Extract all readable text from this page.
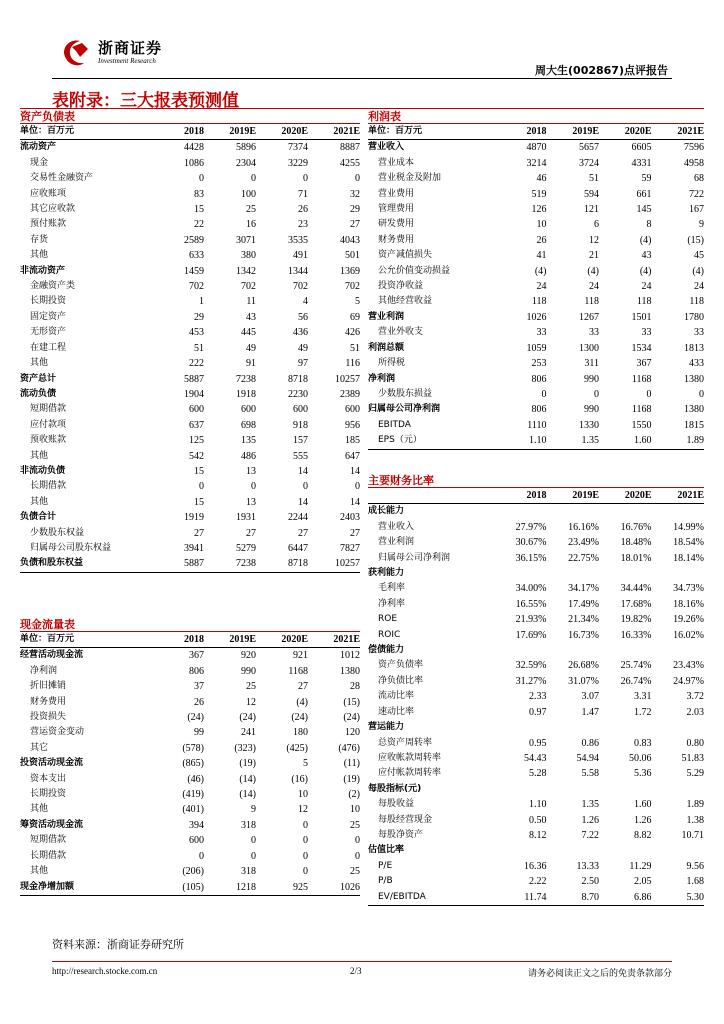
浙商证券
Investment Research
周大生(002867)点评报告
表附录：三大报表预测值
资产负债表
单位：百万元	2018	2019E	2020E	2021E
流动资产	4428	5896	7374	8887
现金	1086	2304	3229	4255
交易性金融资产	0	0	0	0
应收账项	83	100	71	32
其它应收款	15	25	26	29
预付账款	22	16	23	27
存货	2589	3071	3535	4043
其他	633	380	491	501
非流动资产	1459	1342	1344	1369
金融资产类	702	702	702	702
长期投资	1	11	4	5
固定资产	29	43	56	69
无形资产	453	445	436	426
在建工程	51	49	49	51
其他	222	91	97	116
资产总计	5887	7238	8718	10257
流动负债	1904	1918	2230	2389
短期借款	600	600	600	600
应付款项	637	698	918	956
预收账款	125	135	157	185
其他	542	486	555	647
非流动负债	15	13	14	14
长期借款	0	0	0	0
其他	15	13	14	14
负债合计	1919	1931	2244	2403
少数股东权益	27	27	27	27
归属母公司股东权益	3941	5279	6447	7827
负债和股东权益	5887	7238	8718	10257
利润表
单位：百万元	2018	2019E	2020E	2021E
营业收入	4870	5657	6605	7596
营业成本	3214	3724	4331	4958
营业税金及附加	46	51	59	68
营业费用	519	594	661	722
管理费用	126	121	145	167
研发费用	10	6	8	9
财务费用	26	12	(4)	(15)
资产减值损失	41	21	43	45
公允价值变动损益	(4)	(4)	(4)	(4)
投资净收益	24	24	24	24
其他经营收益	118	118	118	118
营业利润	1026	1267	1501	1780
营业外收支	33	33	33	33
利润总额	1059	1300	1534	1813
所得税	253	311	367	433
净利润	806	990	1168	1380
少数股东损益	0	0	0	0
归属母公司净利润	806	990	1168	1380
EBITDA	1110	1330	1550	1815
EPS（元）	1.10	1.35	1.60	1.89
主要财务比率
	2018	2019E	2020E	2021E
成长能力				
营业收入	27.97%	16.16%	16.76%	14.99%
营业利润	30.67%	23.49%	18.48%	18.54%
归属母公司净利润	36.15%	22.75%	18.01%	18.14%
获利能力				
毛利率	34.00%	34.17%	34.44%	34.73%
净利率	16.55%	17.49%	17.68%	18.16%
ROE	21.93%	21.34%	19.82%	19.26%
ROIC	17.69%	16.73%	16.33%	16.02%
偿债能力				
资产负债率	32.59%	26.68%	25.74%	23.43%
净负债比率	31.27%	31.07%	26.74%	24.97%
流动比率	2.33	3.07	3.31	3.72
速动比率	0.97	1.47	1.72	2.03
营运能力				
总资产周转率	0.95	0.86	0.83	0.80
应收帐款周转率	54.43	54.94	50.06	51.83
应付帐款周转率	5.28	5.58	5.36	5.29
每股指标(元)				
每股收益	1.10	1.35	1.60	1.89
每股经营现金	0.50	1.26	1.26	1.38
每股净资产	8.12	7.22	8.82	10.71
估值比率				
P/E	16.36	13.33	11.29	9.56
P/B	2.22	2.50	2.05	1.68
EV/EBITDA	11.74	8.70	6.86	5.30
现金流量表
单位：百万元	2018	2019E	2020E	2021E
经营活动现金流	367	920	921	1012
净利润	806	990	1168	1380
折旧摊销	37	25	27	28
财务费用	26	12	(4)	(15)
投资损失	(24)	(24)	(24)	(24)
营运资金变动	99	241	180	120
其它	(578)	(323)	(425)	(476)
投资活动现金流	(865)	(19)	5	(11)
资本支出	(46)	(14)	(16)	(19)
长期投资	(419)	(14)	10	(2)
其他	(401)	9	12	10
筹资活动现金流	394	318	0	25
短期借款	600	0	0	0
长期借款	0	0	0	0
其他	(206)	318	0	25
现金净增加额	(105)	1218	925	1026
资料来源：浙商证券研究所
http://research.stocke.com.cn	2/3	请务必阅读正文之后的免责条款部分
